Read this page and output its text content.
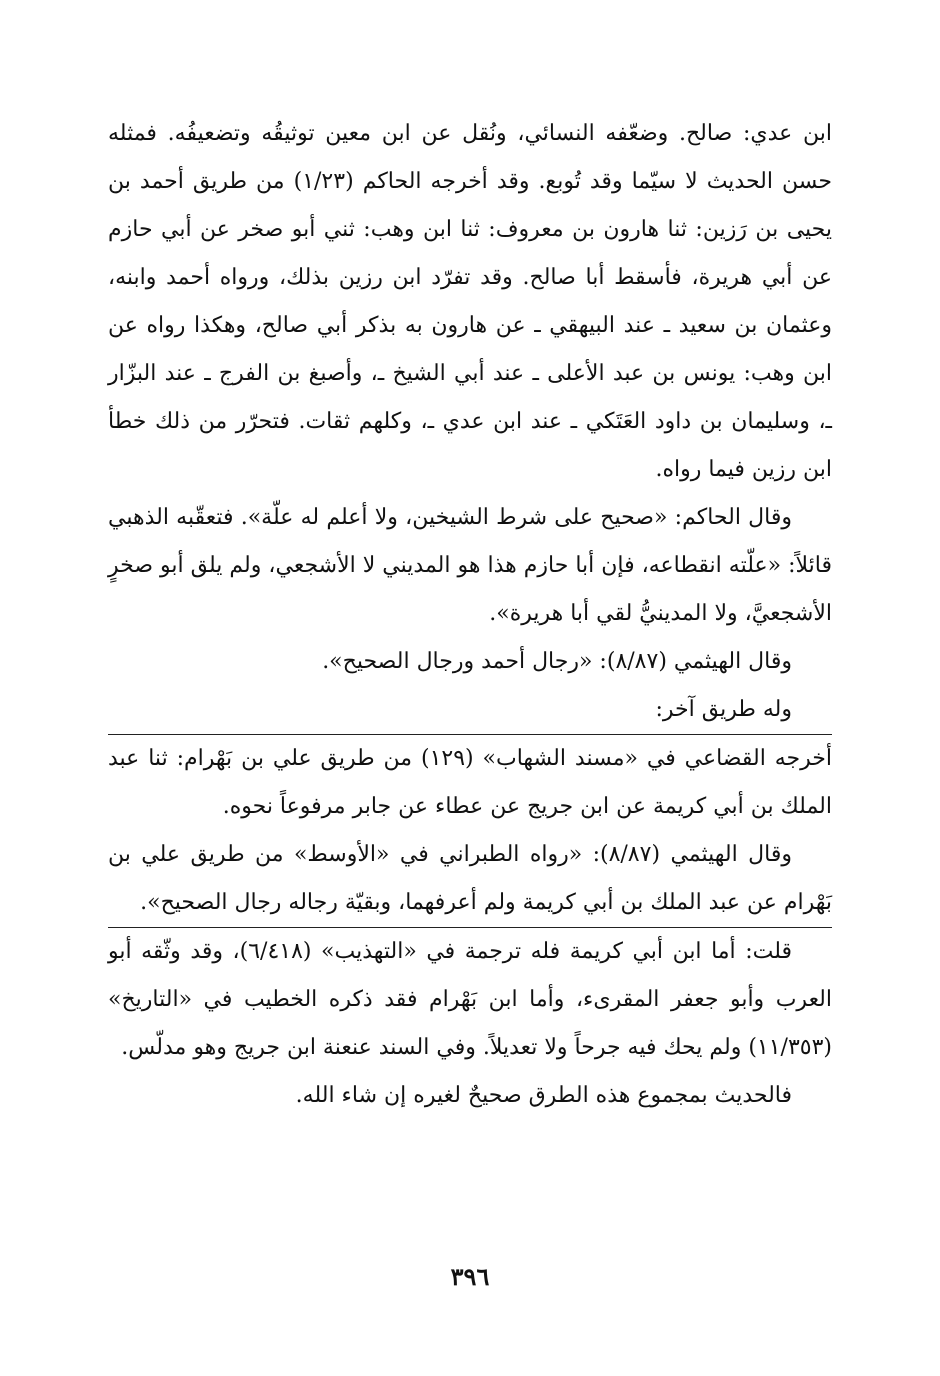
ابن عدي: صالح. وضعّفه النسائي، ونُقل عن ابن معين توثيقُه وتضعيفُه. فمثله حسن الحديث لا سيّما وقد تُوبع. وقد أخرجه الحاكم (١/٢٣) من طريق أحمد بن يحيى بن رَزين: ثنا هارون بن معروف: ثنا ابن وهب: ثني أبو صخر عن أبي حازم عن أبي هريرة، فأسقط أبا صالح. وقد تفرّد ابن رزين بذلك، ورواه أحمد وابنه، وعثمان بن سعيد ـ عند البيهقي ـ عن هارون به بذكر أبي صالح، وهكذا رواه عن ابن وهب: يونس بن عبد الأعلى ـ عند أبي الشيخ ـ، وأصبغ بن الفرج ـ عند البزّار ـ، وسليمان بن داود العَتَكي ـ عند ابن عدي ـ، وكلهم ثقات. فتحرّر من ذلك خطأ ابن رزين فيما رواه.

وقال الحاكم: «صحيح على شرط الشيخين، ولا أعلم له علّة». فتعقّبه الذهبي قائلاً: «علّته انقطاعه، فإن أبا حازم هذا هو المديني لا الأشجعي، ولم يلق أبو صخرٍ الأشجعيَّ، ولا المدينيُّ لقي أبا هريرة».

وقال الهيثمي (٨/٨٧): «رجال أحمد ورجال الصحيح».

وله طريق آخر:

أخرجه القضاعي في «مسند الشهاب» (١٢٩) من طريق علي بن بَهْرام: ثنا عبد الملك بن أبي كريمة عن ابن جريج عن عطاء عن جابر مرفوعاً نحوه.

وقال الهيثمي (٨/٨٧): «رواه الطبراني في «الأوسط» من طريق علي بن بَهْرام عن عبد الملك بن أبي كريمة ولم أعرفهما، وبقيّة رجاله رجال الصحيح».

قلت: أما ابن أبي كريمة فله ترجمة في «التهذيب» (٦/٤١٨)، وقد وثّقه أبو العرب وأبو جعفر المقرىء، وأما ابن بَهْرام فقد ذكره الخطيب في «التاريخ» (١١/٣٥٣) ولم يحك فيه جرحاً ولا تعديلاً. وفي السند عنعنة ابن جريج وهو مدلّس.

فالحديث بمجموع هذه الطرق صحيحٌ لغيره إن شاء الله.

٣٩٦
